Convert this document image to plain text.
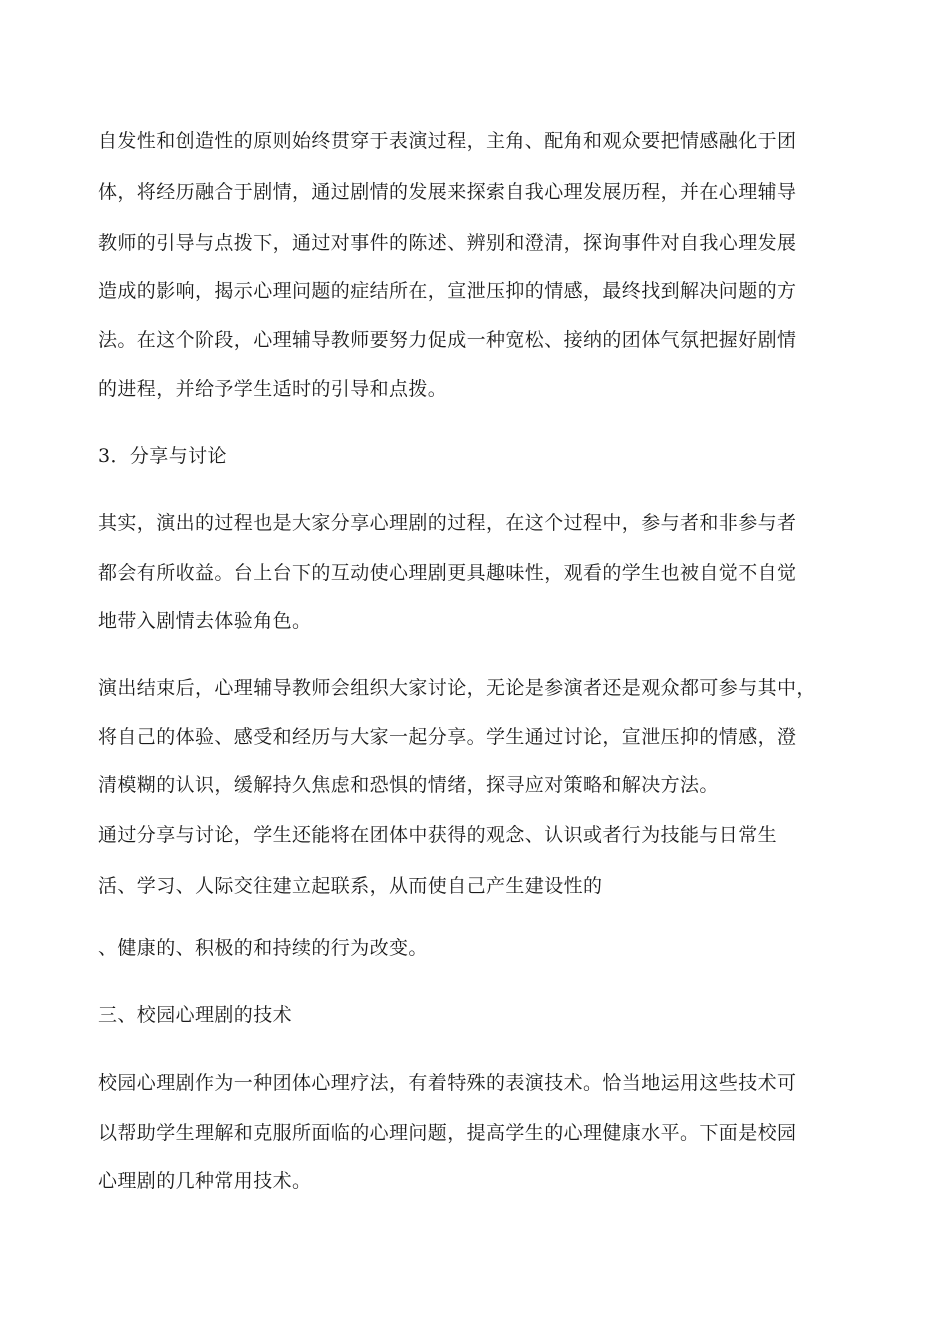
自发性和创造性的原则始终贯穿于表演过程，主角、配角和观众要把情感融化于团
体，将经历融合于剧情，通过剧情的发展来探索自我心理发展历程，并在心理辅导
教师的引导与点拨下，通过对事件的陈述、辨别和澄清，探询事件对自我心理发展
造成的影响，揭示心理问题的症结所在，宣泄压抑的情感，最终找到解决问题的方
法。在这个阶段，心理辅导教师要努力促成一种宽松、接纳的团体气氛把握好剧情
的进程，并给予学生适时的引导和点拨。
3．分享与讨论
其实，演出的过程也是大家分享心理剧的过程，在这个过程中，参与者和非参与者
都会有所收益。台上台下的互动使心理剧更具趣味性，观看的学生也被自觉不自觉
地带入剧情去体验角色。
演出结束后，心理辅导教师会组织大家讨论，无论是参演者还是观众都可参与其中，
将自己的体验、感受和经历与大家一起分享。学生通过讨论，宣泄压抑的情感，澄
清模糊的认识，缓解持久焦虑和恐惧的情绪，探寻应对策略和解决方法。
通过分享与讨论，学生还能将在团体中获得的观念、认识或者行为技能与日常生
活、学习、人际交往建立起联系，从而使自己产生建设性的
、健康的、积极的和持续的行为改变。
三、校园心理剧的技术
校园心理剧作为一种团体心理疗法，有着特殊的表演技术。恰当地运用这些技术可
以帮助学生理解和克服所面临的心理问题，提高学生的心理健康水平。下面是校园
心理剧的几种常用技术。
